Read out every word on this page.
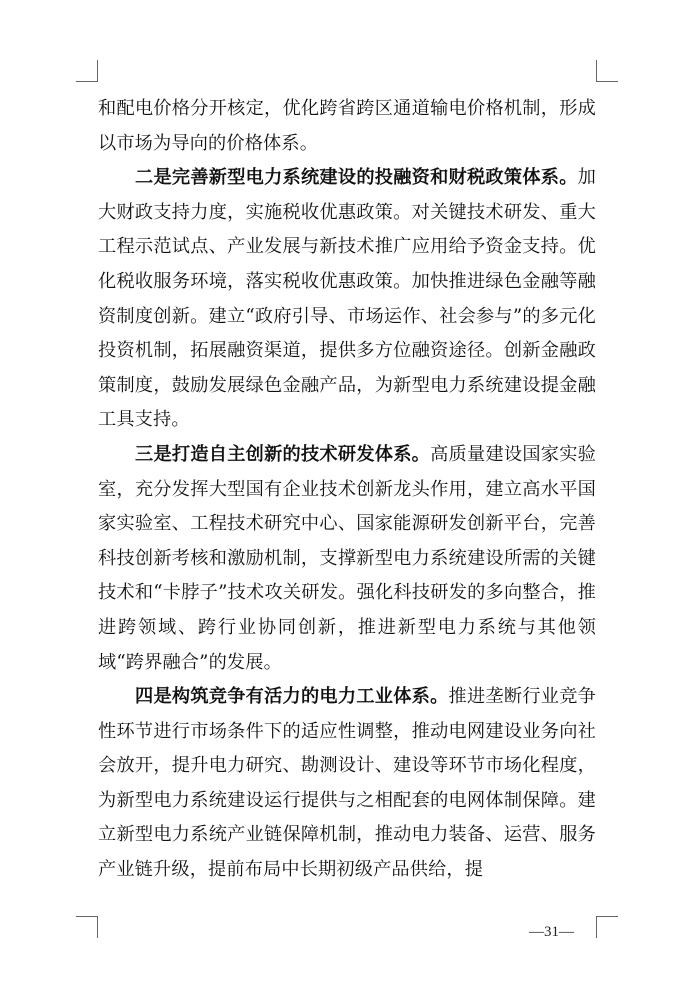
和配电价格分开核定，优化跨省跨区通道输电价格机制，形成以市场为导向的价格体系。

二是完善新型电力系统建设的投融资和财税政策体系。加大财政支持力度，实施税收优惠政策。对关键技术研发、重大工程示范试点、产业发展与新技术推广应用给予资金支持。优化税收服务环境，落实税收优惠政策。加快推进绿色金融等融资制度创新。建立“政府引导、市场运作、社会参与”的多元化投资机制，拓展融资渠道，提供多方位融资途径。创新金融政策制度，鼓励发展绿色金融产品，为新型电力系统建设提金融工具支持。

三是打造自主创新的技术研发体系。高质量建设国家实验室，充分发挥大型国有企业技术创新龙头作用，建立高水平国家实验室、工程技术研究中心、国家能源研发创新平台，完善科技创新考核和激励机制，支撑新型电力系统建设所需的关键技术和“卡脖子”技术攻关研发。强化科技研发的多向整合，推进跨领域、跨行业协同创新，推进新型电力系统与其他领域“跨界融合”的发展。

四是构筑竞争有活力的电力工业体系。推进垄断行业竞争性环节进行市场条件下的适应性调整，推动电网建设业务向社会放开，提升电力研究、勘测设计、建设等环节市场化程度，为新型电力系统建设运行提供与之相配套的电网体制保障。建立新型电力系统产业链保障机制，推动电力装备、运营、服务产业链升级，提前布局中长期初级产品供给，提

—31—
